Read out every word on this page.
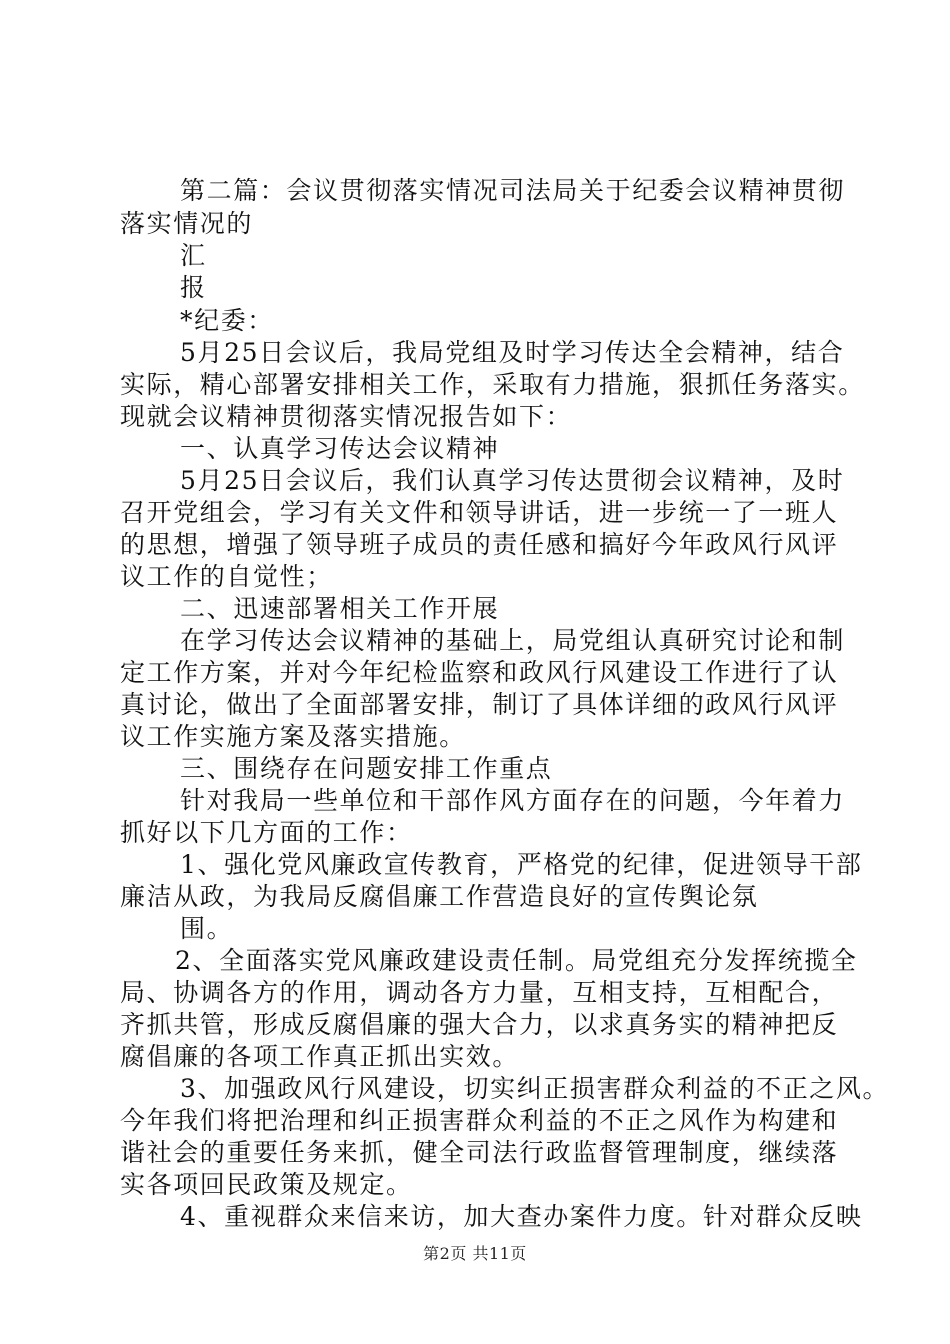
第二篇：会议贯彻落实情况司法局关于纪委会议精神贯彻
落实情况的
汇
报
*纪委：
5月25日会议后，我局党组及时学习传达全会精神，结合
实际，精心部署安排相关工作，采取有力措施，狠抓任务落实。
现就会议精神贯彻落实情况报告如下：
一、认真学习传达会议精神
5月25日会议后，我们认真学习传达贯彻会议精神，及时
召开党组会，学习有关文件和领导讲话，进一步统一了一班人
的思想，增强了领导班子成员的责任感和搞好今年政风行风评
议工作的自觉性；
二、迅速部署相关工作开展
在学习传达会议精神的基础上，局党组认真研究讨论和制
定工作方案，并对今年纪检监察和政风行风建设工作进行了认
真讨论，做出了全面部署安排，制订了具体详细的政风行风评
议工作实施方案及落实措施。
三、围绕存在问题安排工作重点
针对我局一些单位和干部作风方面存在的问题，今年着力
抓好以下几方面的工作：
1、强化党风廉政宣传教育，严格党的纪律，促进领导干部
廉洁从政，为我局反腐倡廉工作营造良好的宣传舆论氛
围。
2、全面落实党风廉政建设责任制。局党组充分发挥统揽全
局、协调各方的作用，调动各方力量，互相支持，互相配合，
齐抓共管，形成反腐倡廉的强大合力，以求真务实的精神把反
腐倡廉的各项工作真正抓出实效。
3、加强政风行风建设，切实纠正损害群众利益的不正之风。
今年我们将把治理和纠正损害群众利益的不正之风作为构建和
谐社会的重要任务来抓，健全司法行政监督管理制度，继续落
实各项回民政策及规定。
4、重视群众来信来访，加大查办案件力度。针对群众反映
第2页 共11页
